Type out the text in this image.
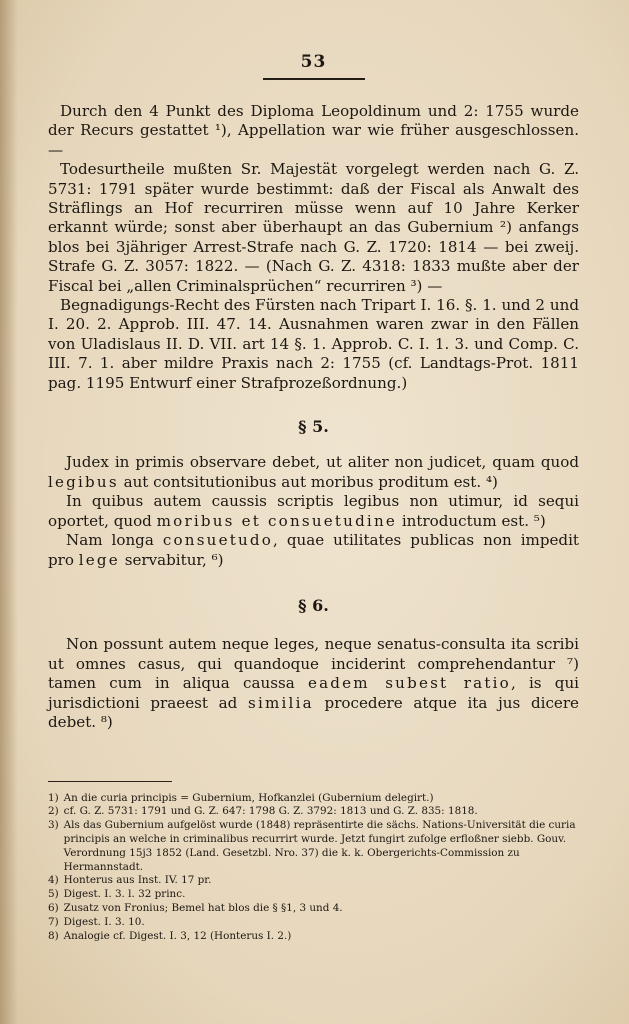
53

Durch den 4 Punkt des Diploma Leopoldinum und 2: 1755 wurde der Recurs gestattet ¹), Appellation war wie früher ausgeschlossen. —

Todesurtheile mußten Sr. Majestät vorgelegt werden nach G. Z. 5731: 1791 später wurde bestimmt: daß der Fiscal als Anwalt des Sträflings an Hof recurriren müsse wenn auf 10 Jahre Kerker erkannt würde; sonst aber überhaupt an das Gubernium ²) anfangs blos bei 3jähriger Arrest-Strafe nach G. Z. 1720: 1814 — bei zweij. Strafe G. Z. 3057: 1822. — (Nach G. Z. 4318: 1833 mußte aber der Fiscal bei „allen Criminalsprüchen“ recurriren ³) —

Begnadigungs-Recht des Fürsten nach Tripart I. 16. §. 1. und 2 und I. 20. 2. Approb. III. 47. 14. Ausnahmen waren zwar in den Fällen von Uladislaus II. D. VII. art 14 §. 1. Approb. C. I. 1. 3. und Comp. C. III. 7. 1. aber mildre Praxis nach 2: 1755 (cf. Landtags-Prot. 1811 pag. 1195 Entwurf einer Strafprozeßordnung.)

§ 5.

Judex in primis observare debet, ut aliter non judicet, quam quod legibus aut contsitutionibus aut moribus proditum est. ⁴)

In quibus autem caussis scriptis legibus non utimur, id sequi oportet, quod moribus et consuetudine introductum est. ⁵)

Nam longa consuetudo, quae utilitates publicas non impedit pro lege servabitur, ⁶)

§ 6.

Non possunt autem neque leges, neque senatus-consulta ita scribi ut omnes casus, qui quandoque inciderint comprehendantur ⁷) tamen cum in aliqua caussa eadem subest ratio, is qui jurisdictioni praeest ad similia procedere atque ita jus dicere debet. ⁸)

1) An die curia principis = Gubernium, Hofkanzlei (Gubernium delegirt.)
2) cf. G. Z. 5731: 1791 und G. Z. 647: 1798 G. Z. 3792: 1813 und G. Z. 835: 1818.
3) Als das Gubernium aufgelöst wurde (1848) repräsentirte die sächs. Nations-Universität die curia principis an welche in criminalibus recurrirt wurde. Jetzt fungirt zufolge erfloßner siebb. Gouv. Verordnung 15j3 1852 (Land. Gesetzbl. Nro. 37) die k. k. Obergerichts-Commission zu Hermannstadt.
4) Honterus aus Inst. IV. 17 pr.
5) Digest. I. 3. l. 32 princ.
6) Zusatz von Fronius; Bemel hat blos die § §1, 3 und 4.
7) Digest. I. 3. 10.
8) Analogie cf. Digest. I. 3, 12 (Honterus I. 2.)
